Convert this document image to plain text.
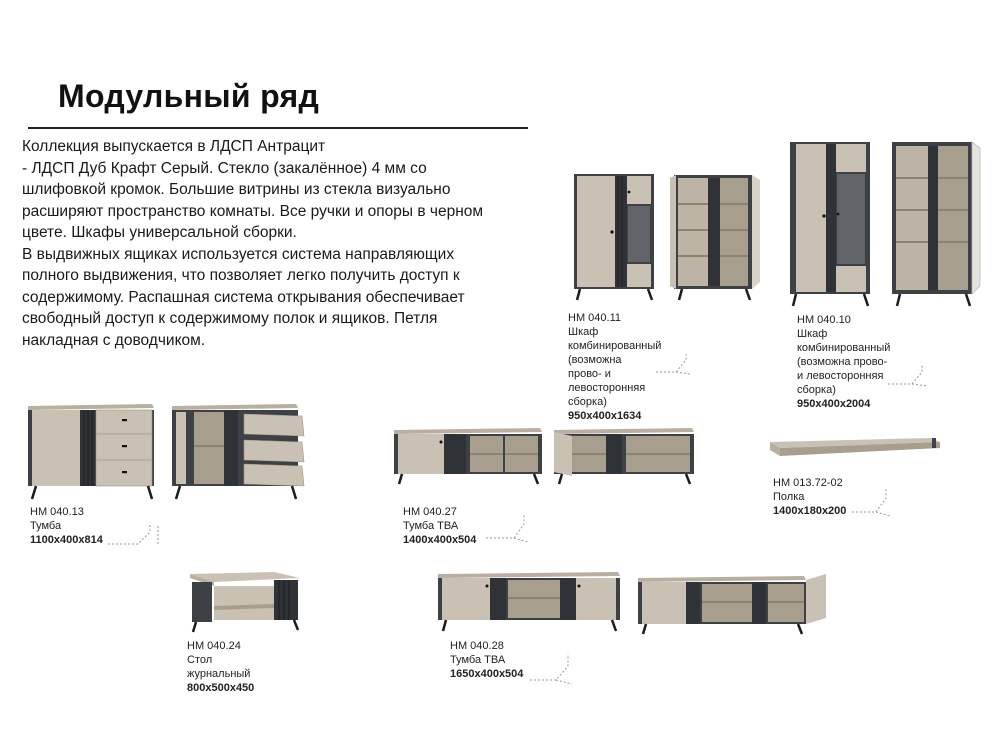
Модульный ряд

Коллекция выпускается в ЛДСП Антрацит

- ЛДСП Дуб Крафт Серый. Стекло (закалённое) 4 мм со

шлифовкой кромок. Большие витрины из стекла визуально

расширяют пространство комнаты. Все ручки и опоры в черном

цвете. Шкафы универсальной сборки.

В выдвижных ящиках используется система направляющих

полного выдвижения, что позволяет легко получить доступ к

содержимому. Распашная система открывания обеспечивает

свободный доступ к содержимому полок и ящиков. Петля

накладная с доводчиком.

НМ 040.11
Шкаф комбинированный (возможна
прово- и левосторонняя сборка)
950x400x1634
НМ 040.10
Шкаф комбинированный
(возможна прово- и левосторонняя
сборка)
950x400x2004
НМ 040.13
Тумба
1100x400x814
НМ 040.27
Тумба ТВА
1400x400x504
НМ 013.72-02
Полка
1400x180x200
НМ 040.24
Стол журнальный
800x500x450
НМ 040.28
Тумба ТВА
1650x400x504
